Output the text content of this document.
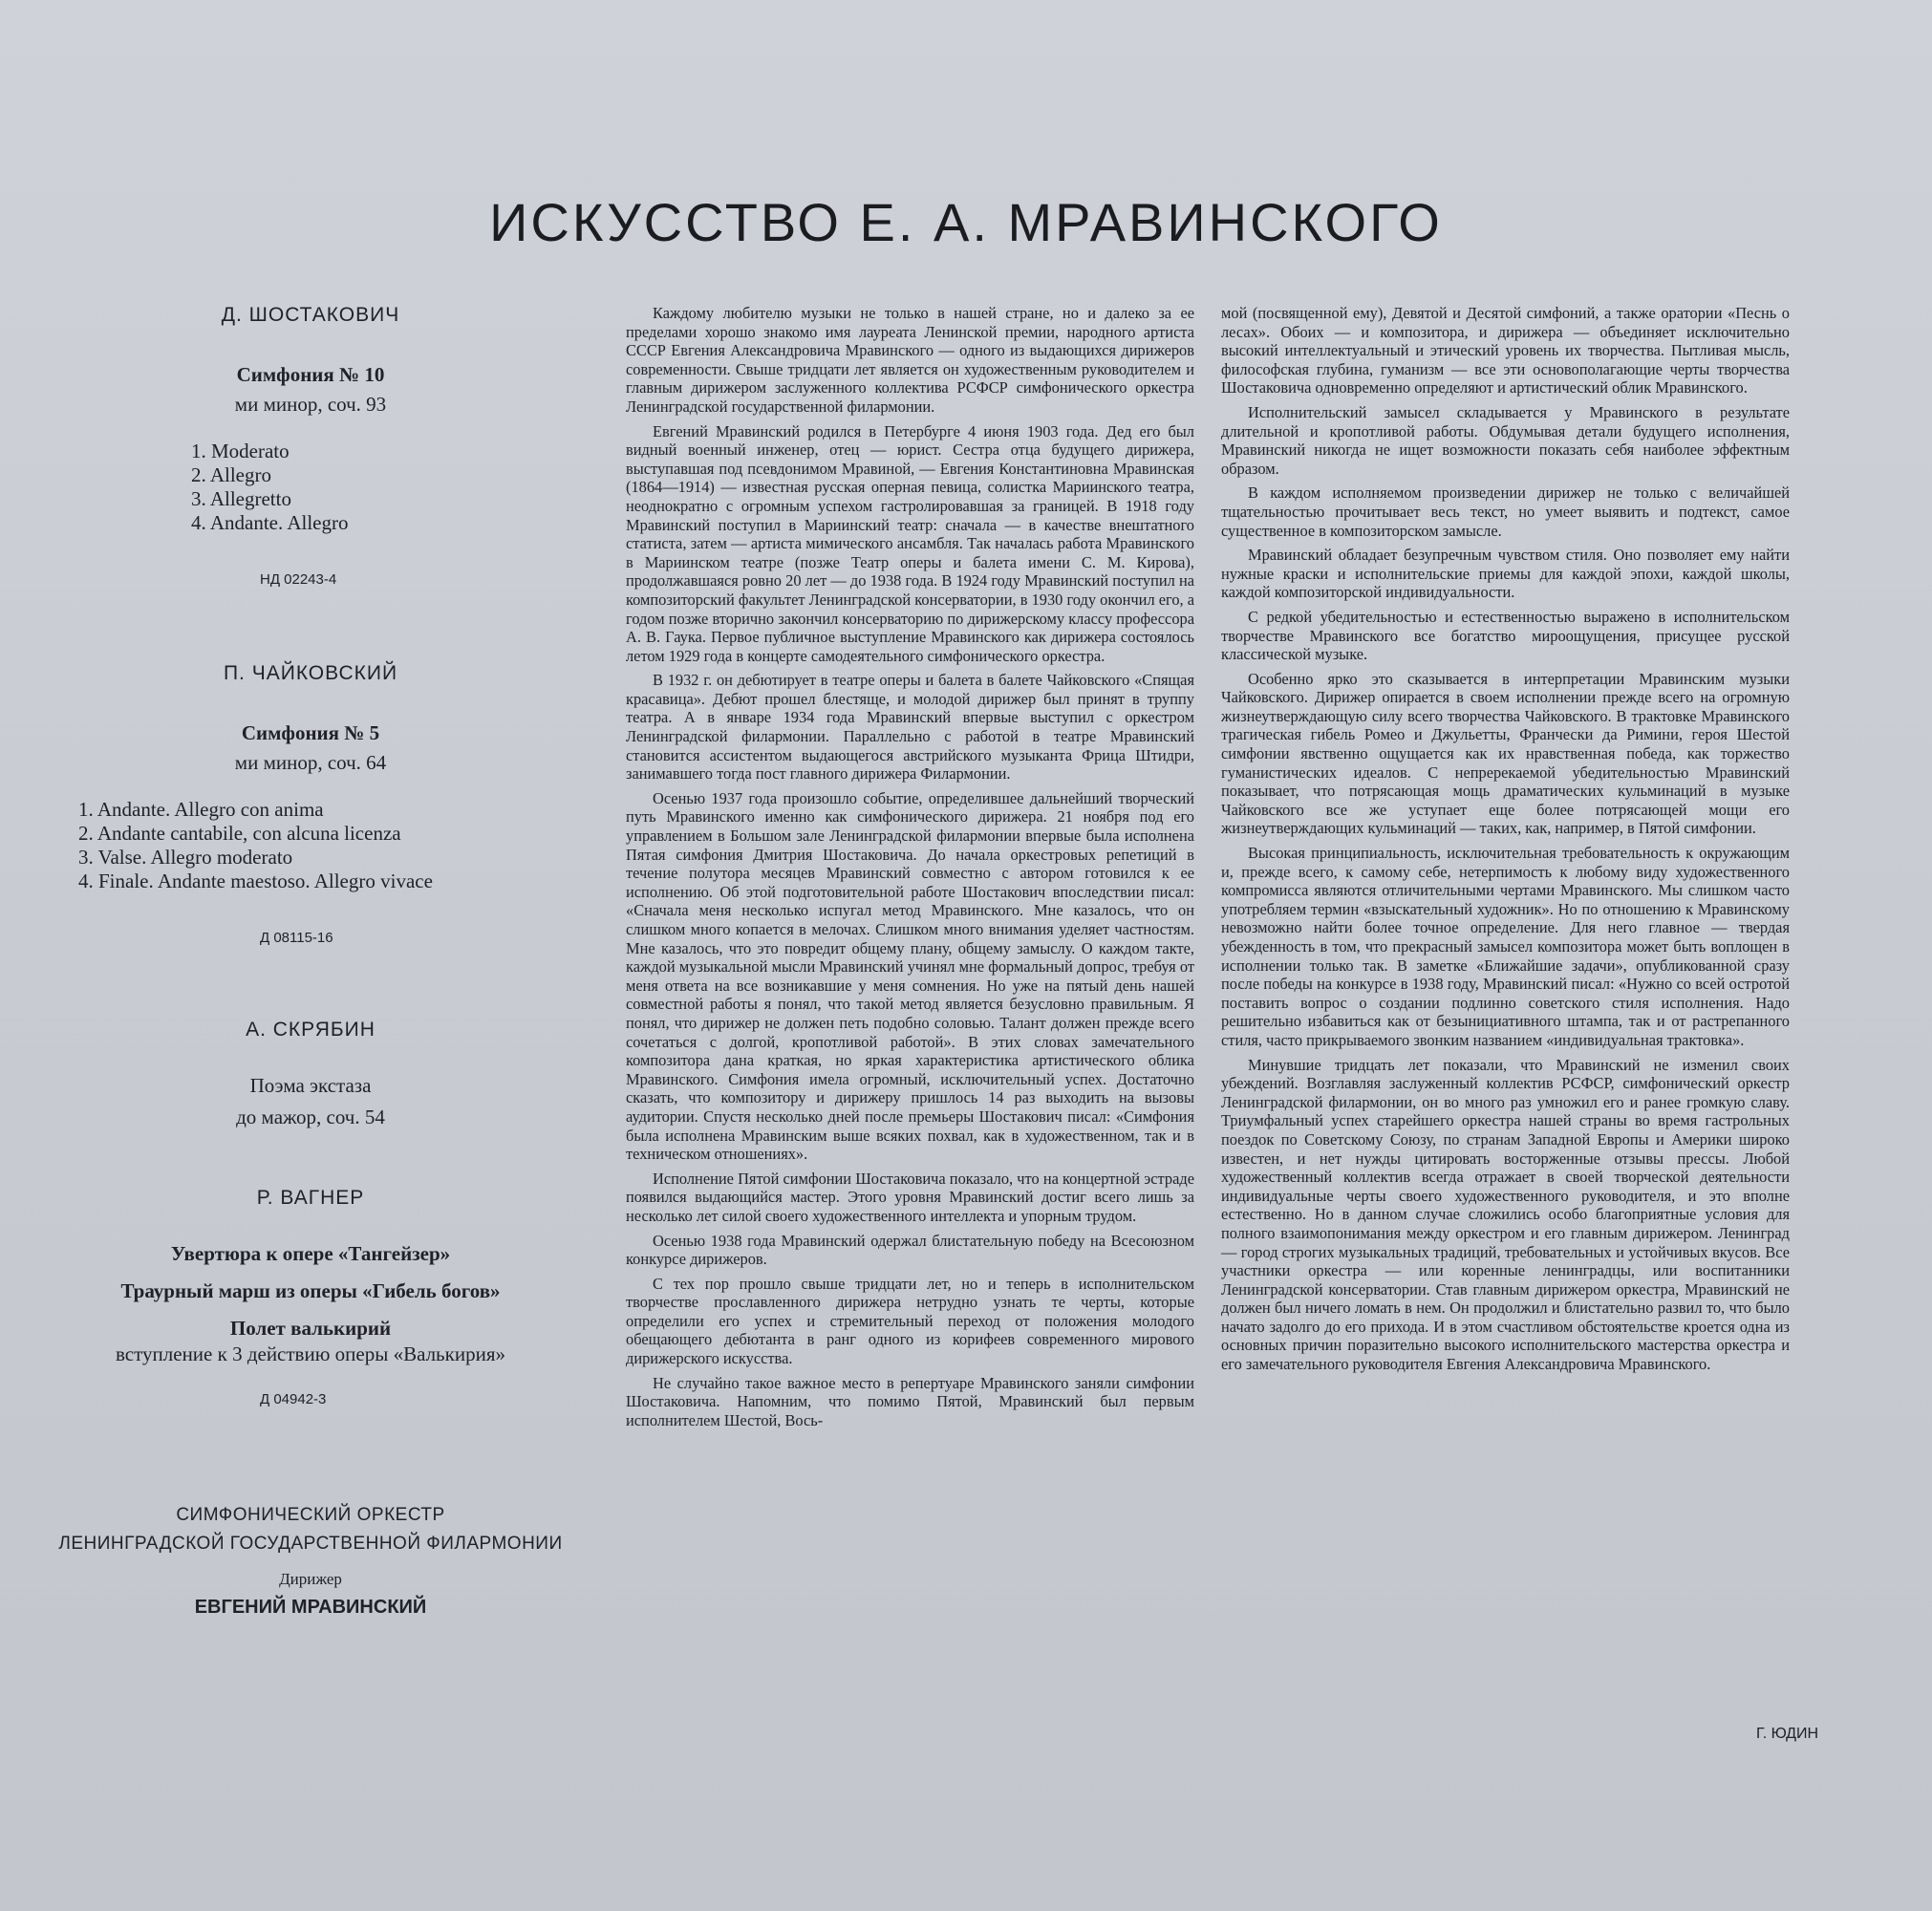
ИСКУССТВО Е. А. МРАВИНСКОГО

Д. ШОСТАКОВИЧ

Симфония № 10

ми минор, соч. 93

1. Moderato
2. Allegro
3. Allegretto
4. Andante. Allegro

НД 02243-4

П. ЧАЙКОВСКИЙ

Симфония № 5

ми минор, соч. 64

1. Andante. Allegro con anima
2. Andante cantabile, con alcuna licenza
3. Valse. Allegro moderato
4. Finale. Andante maestoso. Allegro vivace

Д 08115-16

А. СКРЯБИН

Поэма экстаза

до мажор, соч. 54

Р. ВАГНЕР

Увертюра к опере «Тангейзер»

Траурный марш из оперы «Гибель богов»

Полет валькирий

вступление к 3 действию оперы «Валькирия»

Д 04942-3

СИМФОНИЧЕСКИЙ ОРКЕСТР

ЛЕНИНГРАДСКОЙ ГОСУДАРСТВЕННОЙ ФИЛАРМОНИИ

Дирижер

ЕВГЕНИЙ МРАВИНСКИЙ

Каждому любителю музыки не только в нашей стране, но и далеко за ее пределами хорошо знакомо имя лауреата Ленинской премии, народного артиста СССР Евгения Александровича Мравинского — одного из выдающихся дирижеров современности. Свыше тридцати лет является он художественным руководителем и главным дирижером заслуженного коллектива РСФСР симфонического оркестра Ленинградской государственной филармонии.

Евгений Мравинский родился в Петербурге 4 июня 1903 года. Дед его был видный военный инженер, отец — юрист. Сестра отца будущего дирижера, выступавшая под псевдонимом Мравиной, — Евгения Константиновна Мравинская (1864—1914) — известная русская оперная певица, солистка Мариинского театра, неоднократно с огромным успехом гастролировавшая за границей. В 1918 году Мравинский поступил в Мариинский театр: сначала — в качестве внештатного статиста, затем — артиста мимического ансамбля. Так началась работа Мравинского в Мариинском театре (позже Театр оперы и балета имени С. М. Кирова), продолжавшаяся ровно 20 лет — до 1938 года. В 1924 году Мравинский поступил на композиторский факультет Ленинградской консерватории, в 1930 году окончил его, а годом позже вторично закончил консерваторию по дирижерскому классу профессора А. В. Гаука. Первое публичное выступление Мравинского как дирижера состоялось летом 1929 года в концерте самодеятельного симфонического оркестра.

В 1932 г. он дебютирует в театре оперы и балета в балете Чайковского «Спящая красавица». Дебют прошел блестяще, и молодой дирижер был принят в труппу театра. А в январе 1934 года Мравинский впервые выступил с оркестром Ленинградской филармонии. Параллельно с работой в театре Мравинский становится ассистентом выдающегося австрийского музыканта Фрица Штидри, занимавшего тогда пост главного дирижера Филармонии.

Осенью 1937 года произошло событие, определившее дальнейший творческий путь Мравинского именно как симфонического дирижера. 21 ноября под его управлением в Большом зале Ленинградской филармонии впервые была исполнена Пятая симфония Дмитрия Шостаковича. До начала оркестровых репетиций в течение полутора месяцев Мравинский совместно с автором готовился к ее исполнению. Об этой подготовительной работе Шостакович впоследствии писал: «Сначала меня несколько испугал метод Мравинского. Мне казалось, что он слишком много копается в мелочах. Слишком много внимания уделяет частностям. Мне казалось, что это повредит общему плану, общему замыслу. О каждом такте, каждой музыкальной мысли Мравинский учинял мне формальный допрос, требуя от меня ответа на все возникавшие у меня сомнения. Но уже на пятый день нашей совместной работы я понял, что такой метод является безусловно правильным. Я понял, что дирижер не должен петь подобно соловью. Талант должен прежде всего сочетаться с долгой, кропотливой работой». В этих словах замечательного композитора дана краткая, но яркая характеристика артистического облика Мравинского. Симфония имела огромный, исключительный успех. Достаточно сказать, что композитору и дирижеру пришлось 14 раз выходить на вызовы аудитории. Спустя несколько дней после премьеры Шостакович писал: «Симфония была исполнена Мравинским выше всяких похвал, как в художественном, так и в техническом отношениях».

Исполнение Пятой симфонии Шостаковича показало, что на концертной эстраде появился выдающийся мастер. Этого уровня Мравинский достиг всего лишь за несколько лет силой своего художественного интеллекта и упорным трудом.

Осенью 1938 года Мравинский одержал блистательную победу на Всесоюзном конкурсе дирижеров.

С тех пор прошло свыше тридцати лет, но и теперь в исполнительском творчестве прославленного дирижера нетрудно узнать те черты, которые определили его успех и стремительный переход от положения молодого обещающего дебютанта в ранг одного из корифеев современного мирового дирижерского искусства.

Не случайно такое важное место в репертуаре Мравинского заняли симфонии Шостаковича. Напомним, что помимо Пятой, Мравинский был первым исполнителем Шестой, Вось-

мой (посвященной ему), Девятой и Десятой симфоний, а также оратории «Песнь о лесах». Обоих — и композитора, и дирижера — объединяет исключительно высокий интеллектуальный и этический уровень их творчества. Пытливая мысль, философская глубина, гуманизм — все эти основополагающие черты творчества Шостаковича одновременно определяют и артистический облик Мравинского.

Исполнительский замысел складывается у Мравинского в результате длительной и кропотливой работы. Обдумывая детали будущего исполнения, Мравинский никогда не ищет возможности показать себя наиболее эффектным образом.

В каждом исполняемом произведении дирижер не только с величайшей тщательностью прочитывает весь текст, но умеет выявить и подтекст, самое существенное в композиторском замысле.

Мравинский обладает безупречным чувством стиля. Оно позволяет ему найти нужные краски и исполнительские приемы для каждой эпохи, каждой школы, каждой композиторской индивидуальности.

С редкой убедительностью и естественностью выражено в исполнительском творчестве Мравинского все богатство мироощущения, присущее русской классической музыке.

Особенно ярко это сказывается в интерпретации Мравинским музыки Чайковского. Дирижер опирается в своем исполнении прежде всего на огромную жизнеутверждающую силу всего творчества Чайковского. В трактовке Мравинского трагическая гибель Ромео и Джульетты, Франчески да Римини, героя Шестой симфонии явственно ощущается как их нравственная победа, как торжество гуманистических идеалов. С непререкаемой убедительностью Мравинский показывает, что потрясающая мощь драматических кульминаций в музыке Чайковского все же уступает еще более потрясающей мощи его жизнеутверждающих кульминаций — таких, как, например, в Пятой симфонии.

Высокая принципиальность, исключительная требовательность к окружающим и, прежде всего, к самому себе, нетерпимость к любому виду художественного компромисса являются отличительными чертами Мравинского. Мы слишком часто употребляем термин «взыскательный художник». Но по отношению к Мравинскому невозможно найти более точное определение. Для него главное — твердая убежденность в том, что прекрасный замысел композитора может быть воплощен в исполнении только так. В заметке «Ближайшие задачи», опубликованной сразу после победы на конкурсе в 1938 году, Мравинский писал: «Нужно со всей остротой поставить вопрос о создании подлинно советского стиля исполнения. Надо решительно избавиться как от безынициативного штампа, так и от растрепанного стиля, часто прикрываемого звонким названием «индивидуальная трактовка».

Минувшие тридцать лет показали, что Мравинский не изменил своих убеждений. Возглавляя заслуженный коллектив РСФСР, симфонический оркестр Ленинградской филармонии, он во много раз умножил его и ранее громкую славу. Триумфальный успех старейшего оркестра нашей страны во время гастрольных поездок по Советскому Союзу, по странам Западной Европы и Америки широко известен, и нет нужды цитировать восторженные отзывы прессы. Любой художественный коллектив всегда отражает в своей творческой деятельности индивидуальные черты своего художественного руководителя, и это вполне естественно. Но в данном случае сложились особо благоприятные условия для полного взаимопонимания между оркестром и его главным дирижером. Ленинград — город строгих музыкальных традиций, требовательных и устойчивых вкусов. Все участники оркестра — или коренные ленинградцы, или воспитанники Ленинградской консерватории. Став главным дирижером оркестра, Мравинский не должен был ничего ломать в нем. Он продолжил и блистательно развил то, что было начато задолго до его прихода. И в этом счастливом обстоятельстве кроется одна из основных причин поразительно высокого исполнительского мастерства оркестра и его замечательного руководителя Евгения Александровича Мравинского.

Г. ЮДИН
